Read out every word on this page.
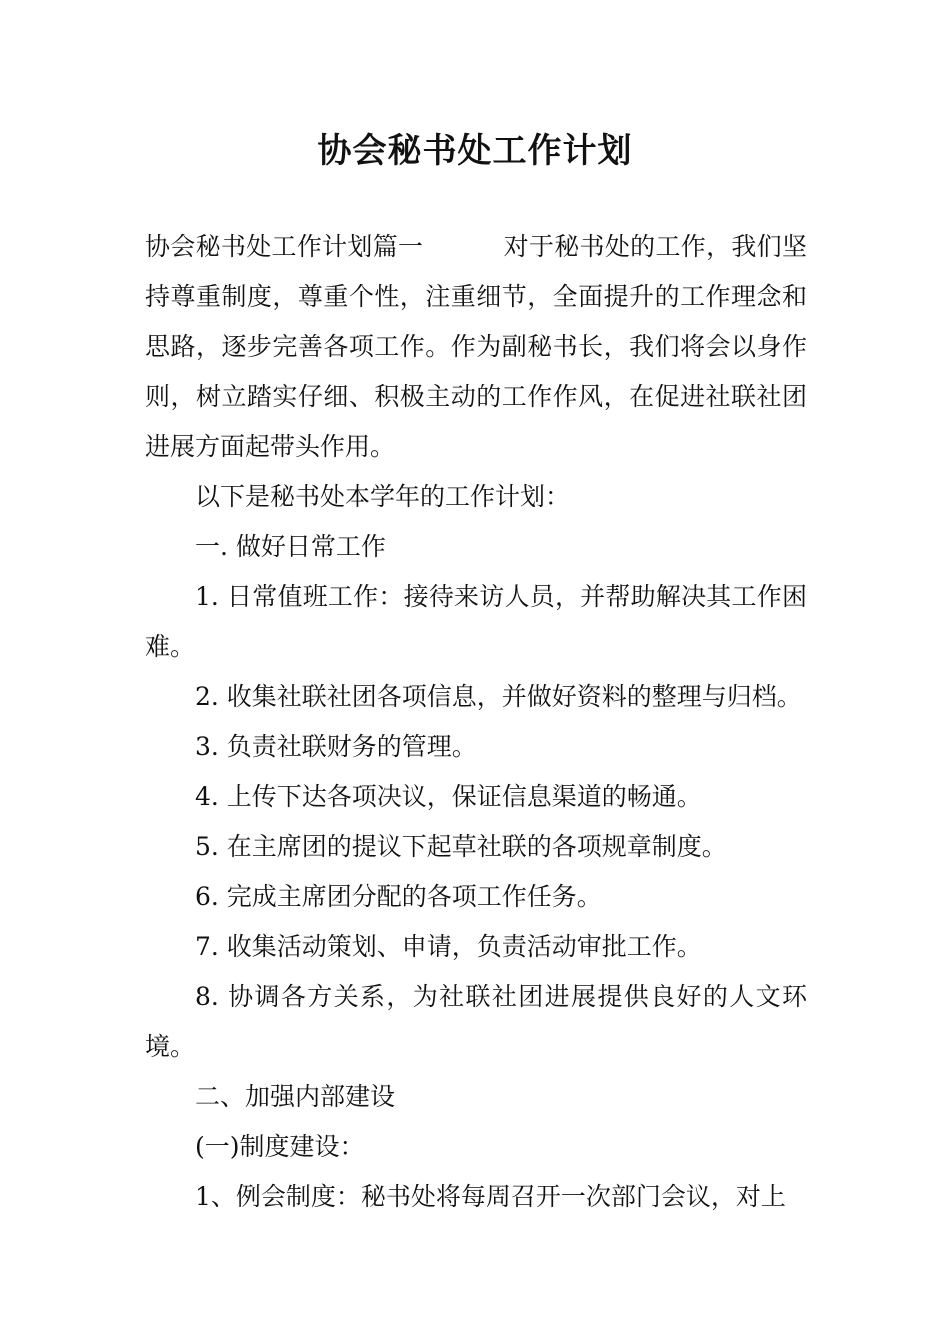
协会秘书处工作计划

协会秘书处工作计划篇一	对于秘书处的工作，我们坚持尊重制度，尊重个性，注重细节，全面提升的工作理念和思路，逐步完善各项工作。作为副秘书长，我们将会以身作则，树立踏实仔细、积极主动的工作作风，在促进社联社团进展方面起带头作用。

以下是秘书处本学年的工作计划：

一. 做好日常工作

1. 日常值班工作：接待来访人员，并帮助解决其工作困难。

2. 收集社联社团各项信息，并做好资料的整理与归档。

3. 负责社联财务的管理。

4. 上传下达各项决议，保证信息渠道的畅通。

5. 在主席团的提议下起草社联的各项规章制度。

6. 完成主席团分配的各项工作任务。

7. 收集活动策划、申请，负责活动审批工作。

8. 协调各方关系，为社联社团进展提供良好的人文环境。

二、加强内部建设

(一)制度建设：

1、例会制度：秘书处将每周召开一次部门会议，对上
